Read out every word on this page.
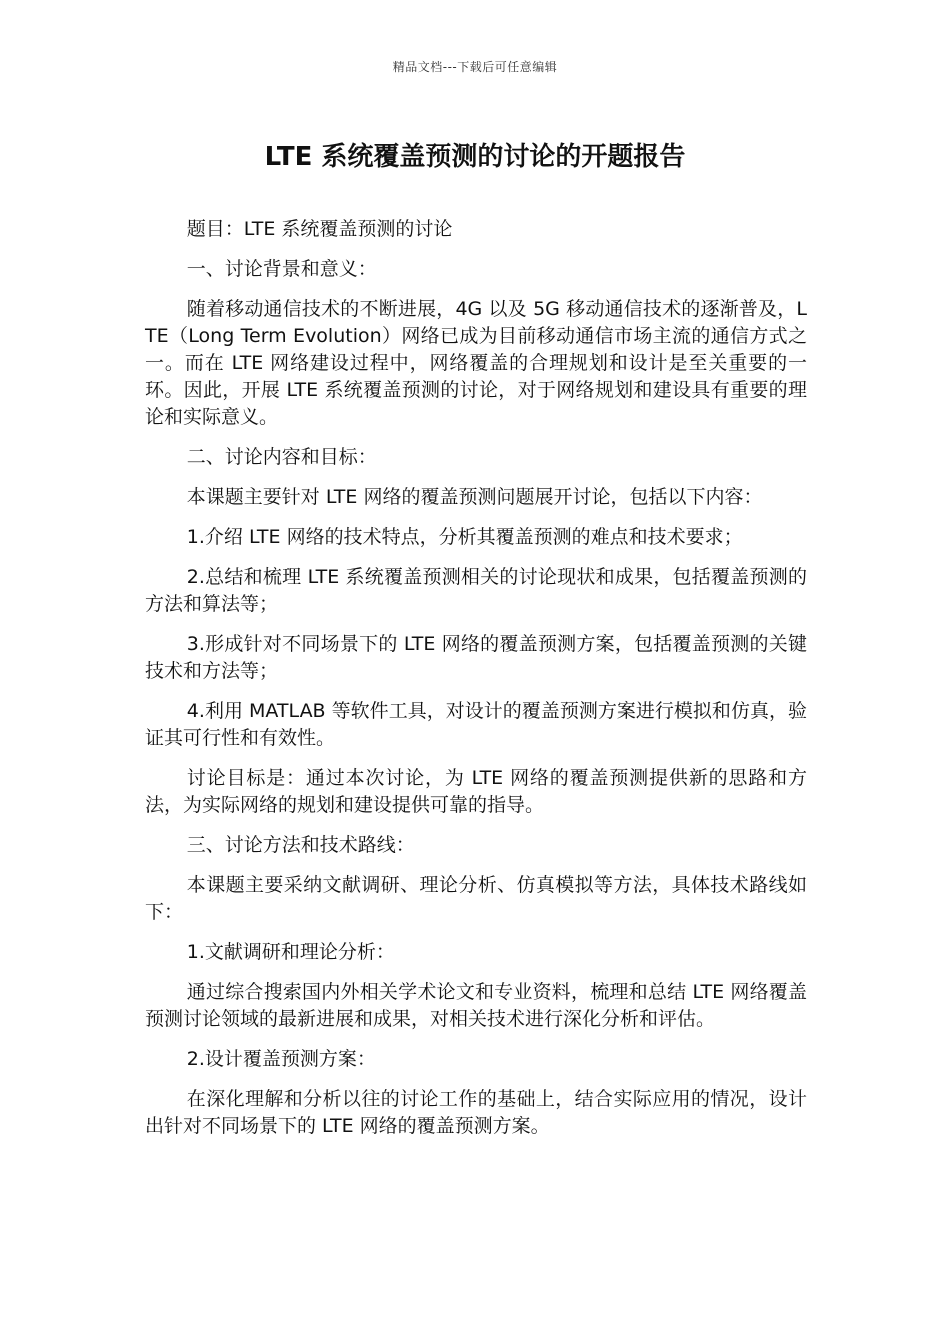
精品文档---下载后可任意编辑
LTE 系统覆盖预测的讨论的开题报告

题目：LTE 系统覆盖预测的讨论

一、讨论背景和意义：

随着移动通信技术的不断进展，4G 以及 5G 移动通信技术的逐渐普及，LTE（Long Term Evolution）网络已成为目前移动通信市场主流的通信方式之一。而在 LTE 网络建设过程中，网络覆盖的合理规划和设计是至关重要的一环。因此，开展 LTE 系统覆盖预测的讨论，对于网络规划和建设具有重要的理论和实际意义。

二、讨论内容和目标：

本课题主要针对 LTE 网络的覆盖预测问题展开讨论，包括以下内容：

1.介绍 LTE 网络的技术特点，分析其覆盖预测的难点和技术要求；

2.总结和梳理 LTE 系统覆盖预测相关的讨论现状和成果，包括覆盖预测的方法和算法等；

3.形成针对不同场景下的 LTE 网络的覆盖预测方案，包括覆盖预测的关键技术和方法等；

4.利用 MATLAB 等软件工具，对设计的覆盖预测方案进行模拟和仿真，验证其可行性和有效性。

讨论目标是：通过本次讨论，为 LTE 网络的覆盖预测提供新的思路和方法，为实际网络的规划和建设提供可靠的指导。

三、讨论方法和技术路线：

本课题主要采纳文献调研、理论分析、仿真模拟等方法，具体技术路线如下：

1.文献调研和理论分析：

通过综合搜索国内外相关学术论文和专业资料，梳理和总结 LTE 网络覆盖预测讨论领域的最新进展和成果，对相关技术进行深化分析和评估。

2.设计覆盖预测方案：

在深化理解和分析以往的讨论工作的基础上，结合实际应用的情况，设计出针对不同场景下的 LTE 网络的覆盖预测方案。
